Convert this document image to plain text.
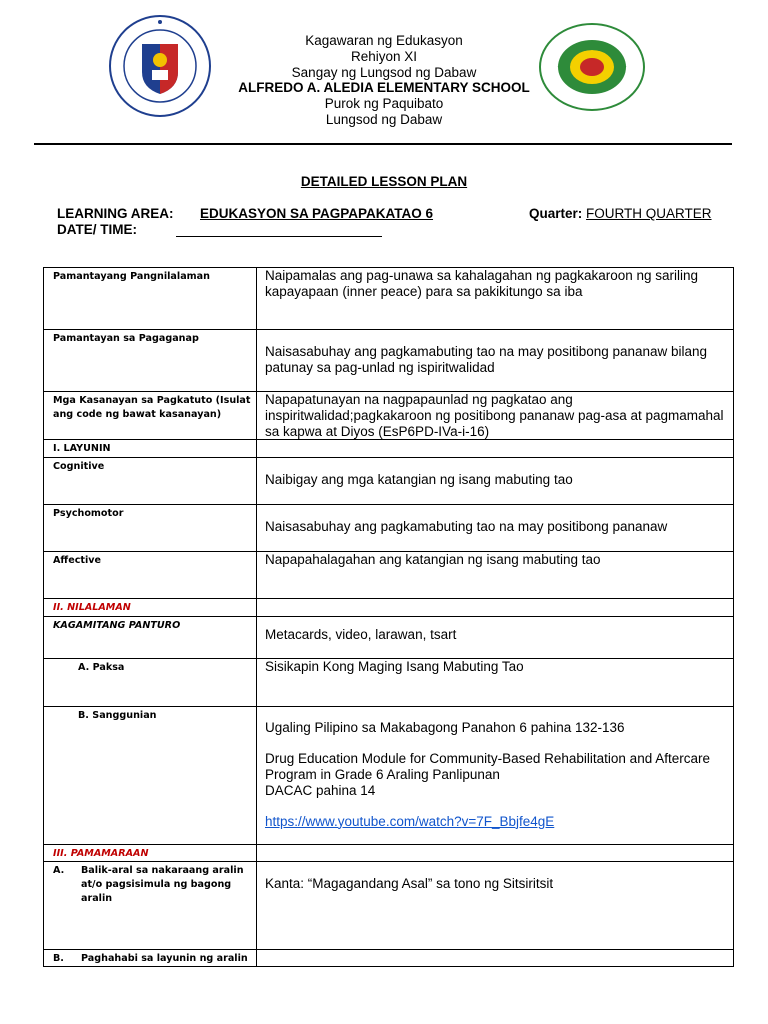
Kagawaran ng Edukasyon
Rehiyon XI
Sangay ng Lungsod ng Dabaw
ALFREDO A. ALEDIA ELEMENTARY SCHOOL
Purok ng Paquibato
Lungsod ng Dabaw
DETAILED LESSON PLAN
LEARNING AREA: EDUKASYON SA PAGPAPAKATAO 6	Quarter: FOURTH QUARTER
DATE/ TIME:
Pamantayang Pangnilalaman	Naipamalas ang pag-unawa sa kahalagahan ng pagkakaroon ng sariling kapayapaan (inner peace) para sa pakikitungo sa iba

Pamantayan sa Pagaganap	Naisasabuhay ang pagkamabuting tao na may positibong pananaw bilang patunay sa pag-unlad ng ispiritwalidad

Mga Kasanayan sa Pagkatuto (Isulat ang code ng bawat kasanayan)	Napapatunayan na nagpapaunlad ng pagkatao ang inspiritwalidad;pagkakaroon ng positibong pananaw pag-asa at pagmamahal sa kapwa at Diyos (EsP6PD-IVa-i-16)

I. LAYUNIN	
Cognitive	Naibigay ang mga katangian ng isang mabuting tao

Psychomotor	Naisasabuhay ang pagkamabuting tao na may positibong pananaw

Affective	Napapahalagahan ang katangian ng isang mabuting tao

II. NILALAMAN	
KAGAMITANG PANTURO	Metacards, video, larawan, tsart

A. Paksa	Sisikapin Kong Maging Isang Mabuting Tao

B. Sanggunian	Ugaling Pilipino sa Makabagong Panahon 6 pahina 132-136

Drug Education Module for Community-Based Rehabilitation and Aftercare Program in Grade 6 Araling Panlipunan

DACAC pahina 14

https://www.youtube.com/watch?v=7F_Bbjfe4gE

III. PAMAMARAAN	

A. Balik-aral sa nakaraang aralin at/o pagsisimula ng bagong aralin	Kanta: “Magagandang Asal” sa tono ng Sitsiritsit

B. Paghahabi sa layunin ng aralin	
